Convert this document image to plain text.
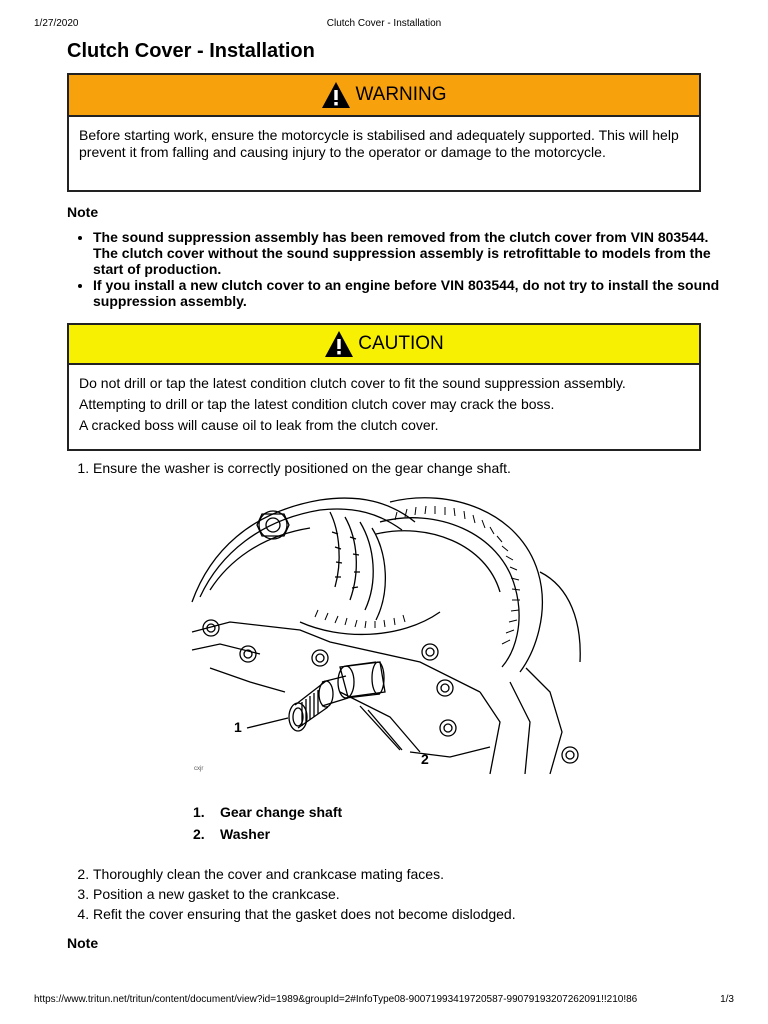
1/27/2020	Clutch Cover - Installation
Clutch Cover - Installation
WARNING
Before starting work, ensure the motorcycle is stabilised and adequately supported. This will help prevent it from falling and causing injury to the operator or damage to the motorcycle.
Note
• The sound suppression assembly has been removed from the clutch cover from VIN 803544. The clutch cover without the sound suppression assembly is retrofittable to models from the start of production.
• If you install a new clutch cover to an engine before VIN 803544, do not try to install the sound suppression assembly.
CAUTION

Do not drill or tap the latest condition clutch cover to fit the sound suppression assembly.

Attempting to drill or tap the latest condition clutch cover may crack the boss.

A cracked boss will cause oil to leak from the clutch cover.

1. Ensure the washer is correctly positioned on the gear change shaft.
1
2
cxjr
1.	Gear change shaft
2.	Washer
2. Thoroughly clean the cover and crankcase mating faces.
3. Position a new gasket to the crankcase.
4. Refit the cover ensuring that the gasket does not become dislodged.
Note
https://www.tritun.net/tritun/content/document/view?id=1989&groupId=2#InfoType08-90071993419720587-99079193207262091!!210!86	1/3
